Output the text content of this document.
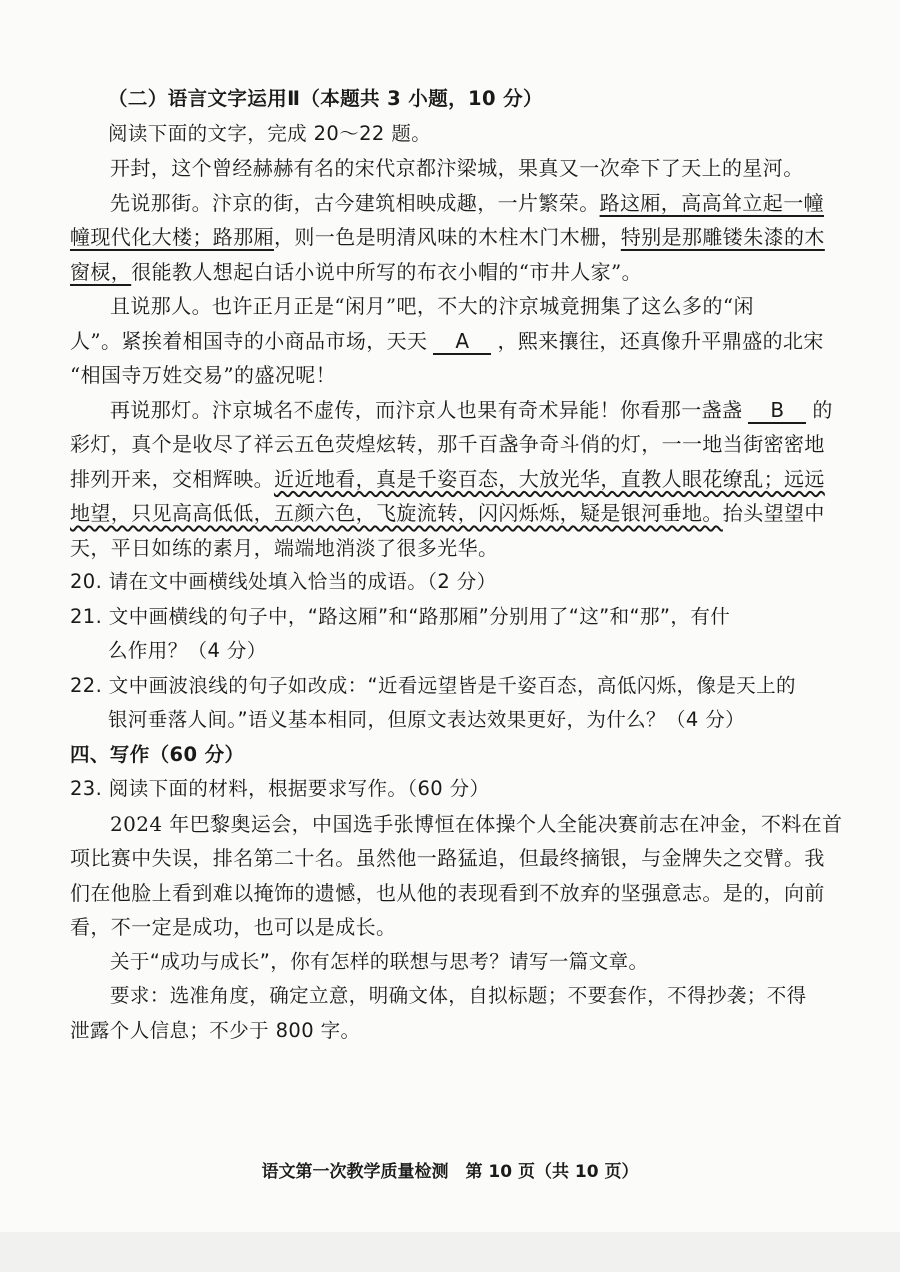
（二）语言文字运用Ⅱ（本题共 3 小题，10 分）
阅读下面的文字，完成 20～22 题。
开封，这个曾经赫赫有名的宋代京都汴梁城，果真又一次牵下了天上的星河。
先说那街。汴京的街，古今建筑相映成趣，一片繁荣。路这厢，高高耸立起一幢
幢现代化大楼；路那厢，则一色是明清风味的木柱木门木栅，特别是那雕镂朱漆的木
窗棂，很能教人想起白话小说中所写的布衣小帽的“市井人家”。
且说那人。也许正月正是“闲月”吧，不大的汴京城竟拥集了这么多的“闲
人”。紧挨着相国寺的小商品市场，天天 A ，熙来攘往，还真像升平鼎盛的北宋
“相国寺万姓交易”的盛况呢！
再说那灯。汴京城名不虚传，而汴京人也果有奇术异能！你看那一盏盏 B 的
彩灯，真个是收尽了祥云五色荧煌炫转，那千百盏争奇斗俏的灯，一一地当街密密地
排列开来，交相辉映。近近地看，真是千姿百态，大放光华，直教人眼花缭乱；远远
地望，只见高高低低，五颜六色，飞旋流转，闪闪烁烁，疑是银河垂地。抬头望望中
天，平日如练的素月，端端地消淡了很多光华。
20. 请在文中画横线处填入恰当的成语。（2 分）
21. 文中画横线的句子中，“路这厢”和“路那厢”分别用了“这”和“那”，有什
么作用？（4 分）
22. 文中画波浪线的句子如改成：“近看远望皆是千姿百态，高低闪烁，像是天上的
银河垂落人间。”语义基本相同，但原文表达效果更好，为什么？（4 分）
四、写作（60 分）
23. 阅读下面的材料，根据要求写作。（60 分）
2024 年巴黎奥运会，中国选手张博恒在体操个人全能决赛前志在冲金，不料在首
项比赛中失误，排名第二十名。虽然他一路猛追，但最终摘银，与金牌失之交臂。我
们在他脸上看到难以掩饰的遗憾，也从他的表现看到不放弃的坚强意志。是的，向前
看，不一定是成功，也可以是成长。
关于“成功与成长”，你有怎样的联想与思考？请写一篇文章。
要求：选准角度，确定立意，明确文体，自拟标题；不要套作，不得抄袭；不得
泄露个人信息；不少于 800 字。
语文第一次教学质量检测　第 10 页（共 10 页）
